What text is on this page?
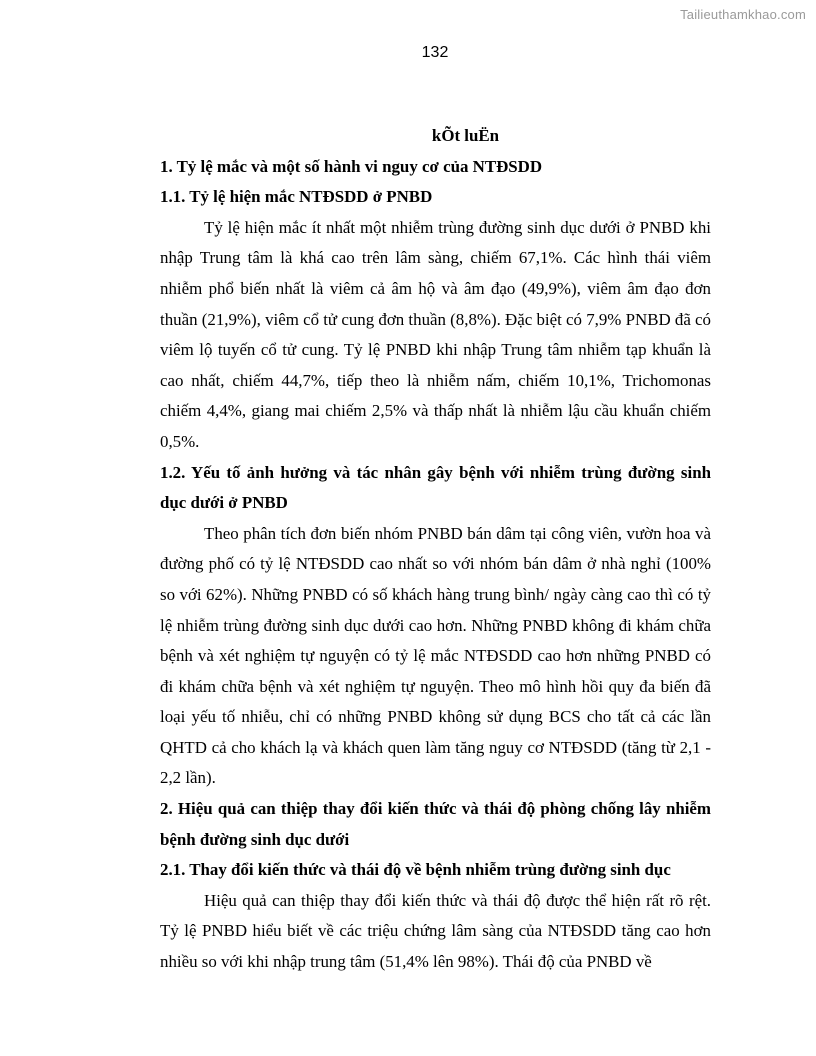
Tailieuthamkhao.com
132
kÕt luËn
1. Tỷ lệ mắc và một số hành vi nguy cơ của NTĐSDD
1.1. Tỷ lệ hiện mắc NTĐSDD ở PNBD

Tỷ lệ hiện mắc ít nhất một nhiễm trùng đường sinh dục dưới ở PNBD khi nhập Trung tâm là khá cao trên lâm sàng, chiếm 67,1%. Các hình thái viêm nhiễm phổ biến nhất là viêm cả âm hộ và âm đạo (49,9%), viêm âm đạo đơn thuần (21,9%), viêm cổ tử cung đơn thuần (8,8%). Đặc biệt có 7,9% PNBD đã có viêm lộ tuyến cổ tử cung. Tỷ lệ PNBD khi nhập Trung tâm nhiễm tạp khuẩn là cao nhất, chiếm 44,7%, tiếp theo là nhiễm nấm, chiếm 10,1%, Trichomonas chiếm 4,4%, giang mai chiếm 2,5% và thấp nhất là nhiễm lậu cầu khuẩn chiếm 0,5%.

1.2. Yếu tố ảnh hưởng và tác nhân gây bệnh với nhiễm trùng đường sinh dục dưới ở PNBD

Theo phân tích đơn biến nhóm PNBD bán dâm tại công viên, vườn hoa và đường phố có tỷ lệ NTĐSDD cao nhất so với nhóm bán dâm ở nhà nghỉ (100% so với 62%). Những PNBD có số khách hàng trung bình/ ngày càng cao thì có tỷ lệ nhiễm trùng đường sinh dục dưới cao hơn. Những PNBD không đi khám chữa bệnh và xét nghiệm tự nguyện có tỷ lệ mắc NTĐSDD cao hơn những PNBD có đi khám chữa bệnh và xét nghiệm tự nguyện. Theo mô hình hồi quy đa biến đã loại yếu tố nhiễu, chỉ có những PNBD không sử dụng BCS cho tất cả các lần QHTD cả cho khách lạ và khách quen làm tăng nguy cơ NTĐSDD (tăng từ 2,1 - 2,2 lần).

2. Hiệu quả can thiệp thay đổi kiến thức và thái độ phòng chống lây nhiễm bệnh đường sinh dục dưới
2.1. Thay đổi kiến thức và thái độ về bệnh nhiễm trùng đường sinh dục

Hiệu quả can thiệp thay đổi kiến thức và thái độ được thể hiện rất rõ rệt. Tỷ lệ PNBD hiểu biết về các triệu chứng lâm sàng của NTĐSDD tăng cao hơn nhiều so với khi nhập trung tâm (51,4% lên 98%). Thái độ của PNBD về
